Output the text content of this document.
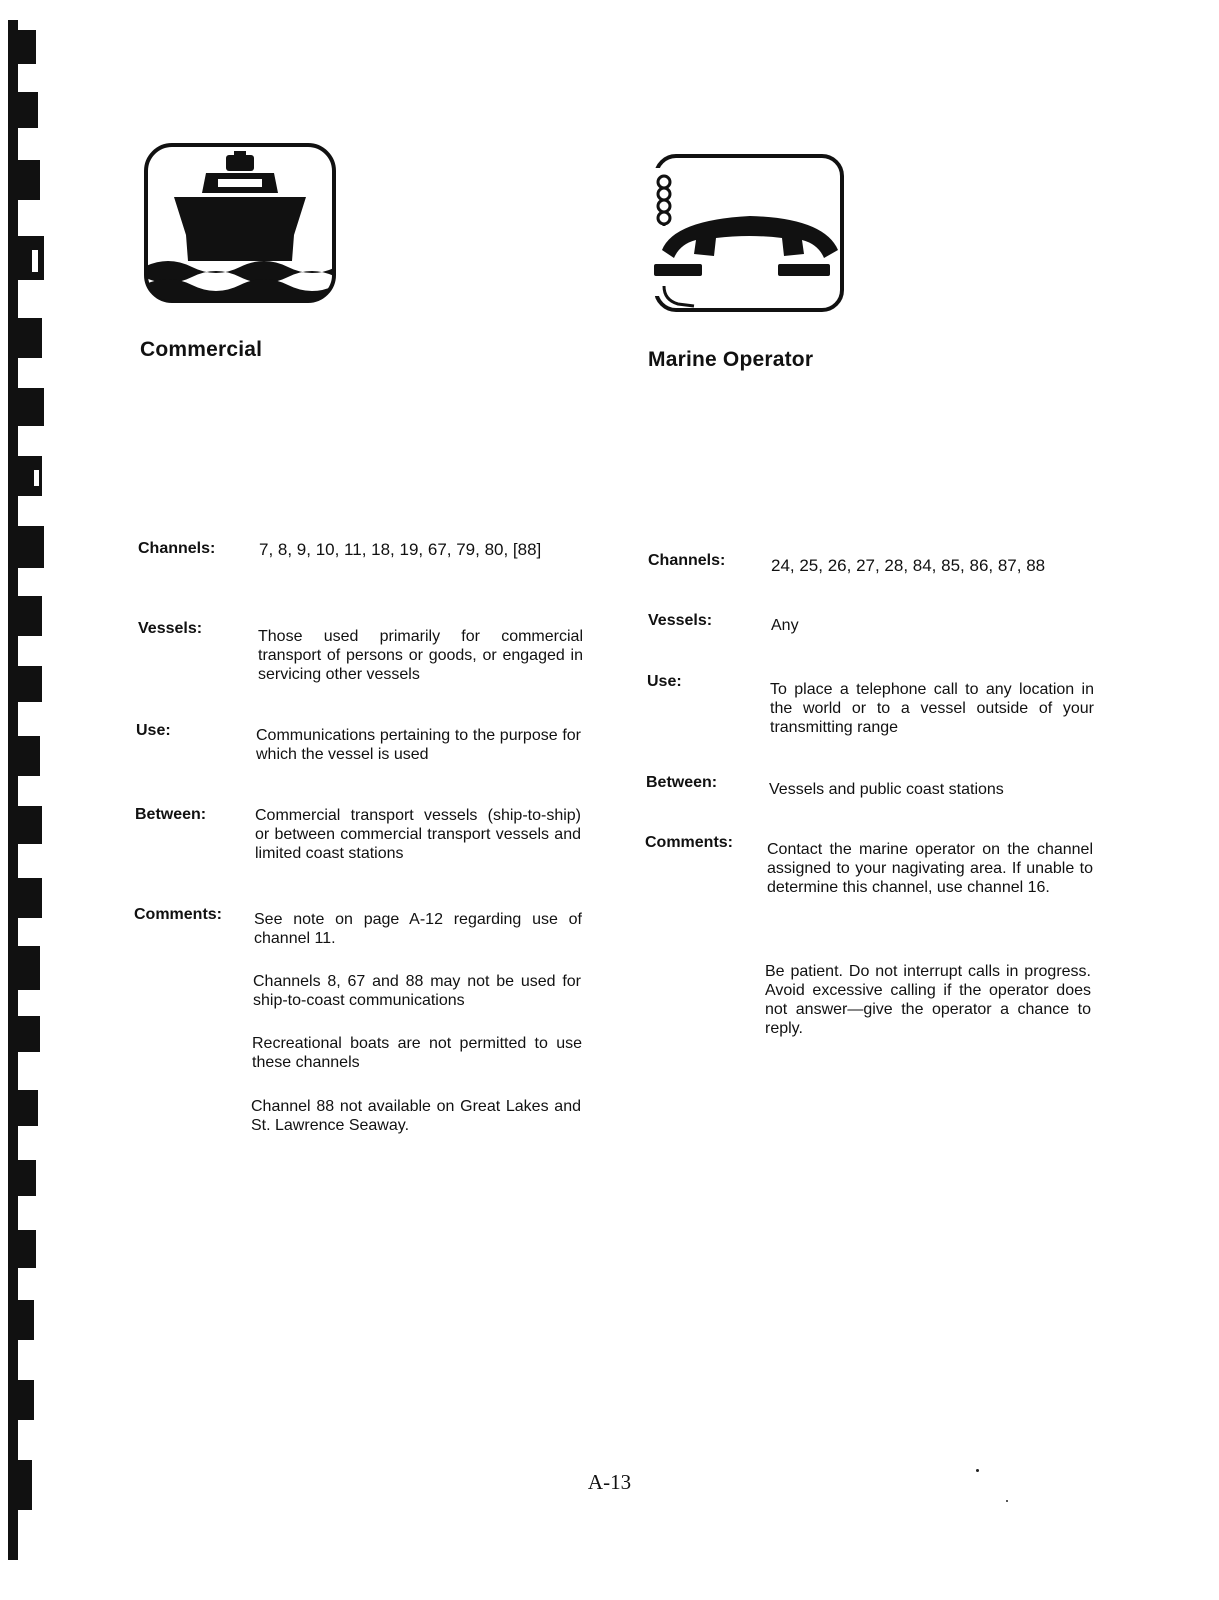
Commercial
Channels:	7, 8, 9, 10, 11, 18, 19, 67, 79, 80, [88]
Vessels:	Those used primarily for commercial transport of persons or goods, or engaged in servicing other vessels
Use:	Communications pertaining to the purpose for which the vessel is used
Between:	Commercial transport vessels (ship-to-ship) or between commercial transport vessels and limited coast stations
Comments: See note on page A-12 regarding use of channel 11.
Channels 8, 67 and 88 may not be used for ship-to-coast communications
Recreational boats are not permitted to use these channels
Channel 88 not available on Great Lakes and St. Lawrence Seaway.
Marine Operator
Channels:	24, 25, 26, 27, 28, 84, 85, 86, 87, 88
Vessels:	Any
Use:	To place a telephone call to any location in the world or to a vessel outside of your transmitting range
Between:	Vessels and public coast stations
Comments: Contact the marine operator on the channel assigned to your nagivating area. If unable to determine this channel, use channel 16.
Be patient. Do not interrupt calls in progress. Avoid excessive calling if the operator does not answer—give the operator a chance to reply.
A-13
